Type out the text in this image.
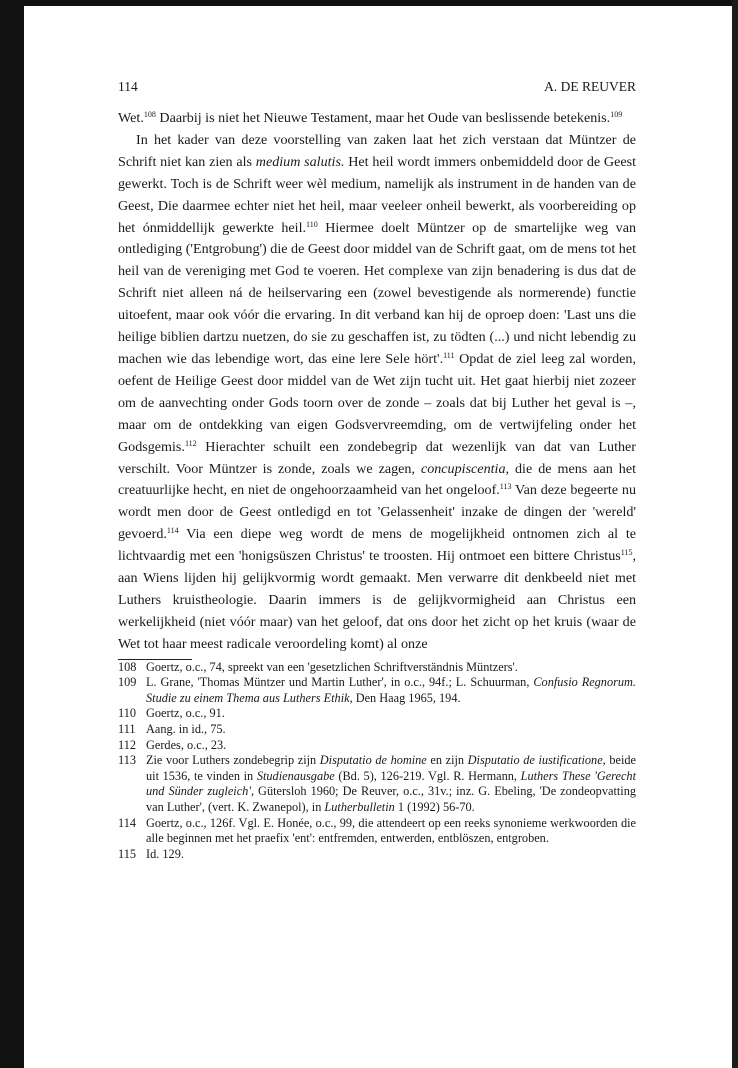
114	A. DE REUVER

Wet.$^{108}$ Daarbij is niet het Nieuwe Testament, maar het Oude van beslissende betekenis.$^{109}$

In het kader van deze voorstelling van zaken laat het zich verstaan dat Müntzer de Schrift niet kan zien als medium salutis. Het heil wordt immers onbemiddeld door de Geest gewerkt. Toch is de Schrift weer wèl medium, namelijk als instrument in de handen van de Geest, Die daarmee echter niet het heil, maar veeleer onheil bewerkt, als voorbereiding op het ónmiddellijk gewerkte heil.$^{110}$ Hiermee doelt Müntzer op de smartelijke weg van ontlediging ('Entgrobung') die de Geest door middel van de Schrift gaat, om de mens tot het heil van de vereniging met God te voeren. Het complexe van zijn benadering is dus dat de Schrift niet alleen ná de heilservaring een (zowel bevestigende als normerende) functie uitoefent, maar ook vóór die ervaring. In dit verband kan hij de oproep doen: 'Last uns die heilige biblien dartzu nuetzen, do sie zu geschaffen ist, zu tödten (...) und nicht lebendig zu machen wie das lebendige wort, das eine lere Sele hört'.$^{111}$ Opdat de ziel leeg zal worden, oefent de Heilige Geest door middel van de Wet zijn tucht uit. Het gaat hierbij niet zozeer om de aanvechting onder Gods toorn over de zonde – zoals dat bij Luther het geval is –, maar om de ontdekking van eigen Godsvervreemding, om de vertwijfeling onder het Godsgemis.$^{112}$ Hierachter schuilt een zondebegrip dat wezenlijk van dat van Luther verschilt. Voor Müntzer is zonde, zoals we zagen, concupiscentia, die de mens aan het creatuurlijke hecht, en niet de ongehoorzaamheid van het ongeloof.$^{113}$ Van deze begeerte nu wordt men door de Geest ontledigd en tot 'Gelassenheit' inzake de dingen der 'wereld' gevoerd.$^{114}$ Via een diepe weg wordt de mens de mogelijkheid ontnomen zich al te lichtvaardig met een 'honigsüszen Christus' te troosten. Hij ontmoet een bittere Christus$^{115}$, aan Wiens lijden hij gelijkvormig wordt gemaakt. Men verwarre dit denkbeeld niet met Luthers kruistheologie. Daarin immers is de gelijkvormigheid aan Christus een werkelijkheid (niet vóór maar) van het geloof, dat ons door het zicht op het kruis (waar de Wet tot haar meest radicale veroordeling komt) al onze

108 Goertz, o.c., 74, spreekt van een 'gesetzlichen Schriftverständnis Müntzers'.
109 L. Grane, 'Thomas Müntzer und Martin Luther', in o.c., 94f.; L. Schuurman, Confusio Regnorum. Studie zu einem Thema aus Luthers Ethik, Den Haag 1965, 194.
110 Goertz, o.c., 91.
111 Aang. in id., 75.
112 Gerdes, o.c., 23.
113 Zie voor Luthers zondebegrip zijn Disputatio de homine en zijn Disputatio de iustificatione, beide uit 1536, te vinden in Studienausgabe (Bd. 5), 126-219. Vgl. R. Hermann, Luthers These 'Gerecht und Sünder zugleich', Gütersloh 1960; De Reuver, o.c., 31v.; inz. G. Ebeling, 'De zondeopvatting van Luther', (vert. K. Zwanepol), in Lutherbulletin 1 (1992) 56-70.
114 Goertz, o.c., 126f. Vgl. E. Honée, o.c., 99, die attendeert op een reeks synonieme werkwoorden die alle beginnen met het praefix 'ent': entfremden, entwerden, entblöszen, entgroben.
115 Id. 129.
